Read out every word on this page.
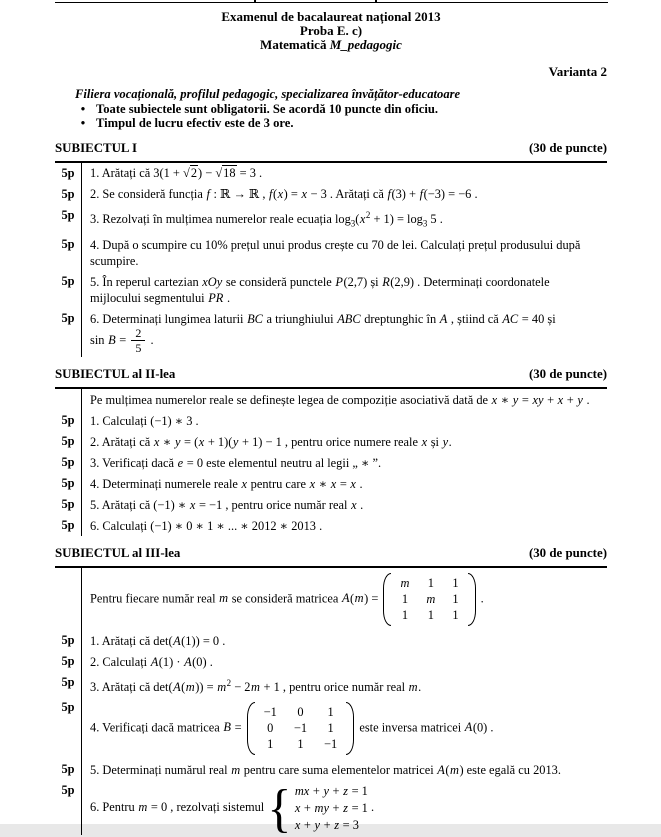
Examenul de bacalaureat național 2013
Proba E. c)
Matematică M_pedagogic
Varianta 2
Filiera vocațională, profilul pedagogic, specializarea învățător-educatoare
• Toate subiectele sunt obligatorii. Se acordă 10 puncte din oficiu.
• Timpul de lucru efectiv este de 3 ore.
SUBIECTUL I	(30 de puncte)
5p	1. Arătați că 3(1 + √2) − √18 = 3 .
5p	2. Se consideră funcția f : ℝ → ℝ , f(x) = x − 3 . Arătați că f(3) + f(−3) = −6 .
5p	3. Rezolvați în mulțimea numerelor reale ecuația $\log_3(x^2 + 1) = \log_3 5$ .
5p	4. După o scumpire cu 10% prețul unui produs crește cu 70 de lei. Calculați prețul produsului după
scumpire.
5p	5. În reperul cartezian xOy se consideră punctele P(2,7) și R(2,9) . Determinați coordonatele
mijlocului segmentului PR .
5p	6. Determinați lungimea laturii BC a triunghiului ABC dreptunghic în A , știind că AC = 40 și
$\sin B = \frac{2}{5}$ .
SUBIECTUL al II-lea	(30 de puncte)
Pe mulțimea numerelor reale se definește legea de compoziție asociativă dată de x ∗ y = xy + x + y .
5p	1. Calculați (−1) ∗ 3 .
5p	2. Arătați că x ∗ y = (x + 1)(y + 1) − 1 , pentru orice numere reale x și y.
5p	3. Verificați dacă e = 0 este elementul neutru al legii „ ∗ ”.
5p	4. Determinați numerele reale x pentru care x ∗ x = x .
5p	5. Arătați că (−1) ∗ x = −1 , pentru orice număr real x .
5p	6. Calculați (−1) ∗ 0 ∗ 1 ∗ ... ∗ 2012 ∗ 2013 .
SUBIECTUL al III-lea	(30 de puncte)
Pentru fiecare număr real m se consideră matricea A(m) =
m 1 1
1 m 1
1 1 1
.
5p	1. Arătați că det(A(1)) = 0 .
5p	2. Calculați A(1) · A(0) .
5p	3. Arătați că $\det(A(m)) = m^2 - 2m + 1$ , pentru orice număr real m.
5p
4. Verificați dacă matricea B =
−1 0 1
0 −1 1
1 1 −1
este inversa matricei A(0) .
5p	5. Determinați numărul real m pentru care suma elementelor matricei A(m) este egală cu 2013.
5p
6. Pentru m = 0 , rezolvați sistemul { mx + y + z = 1
x + my + z = 1
x + y + z = 3
.
